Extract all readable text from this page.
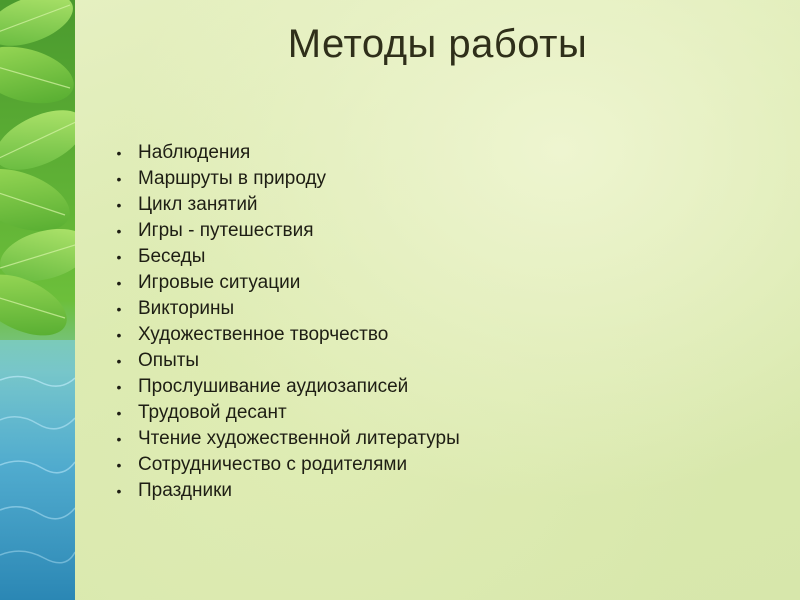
Методы работы
• Наблюдения
• Маршруты в природу
• Цикл занятий
• Игры - путешествия
• Беседы
• Игровые ситуации
• Викторины
• Художественное творчество
• Опыты
• Прослушивание аудиозаписей
• Трудовой десант
• Чтение художественной литературы
• Сотрудничество с родителями
• Праздники
